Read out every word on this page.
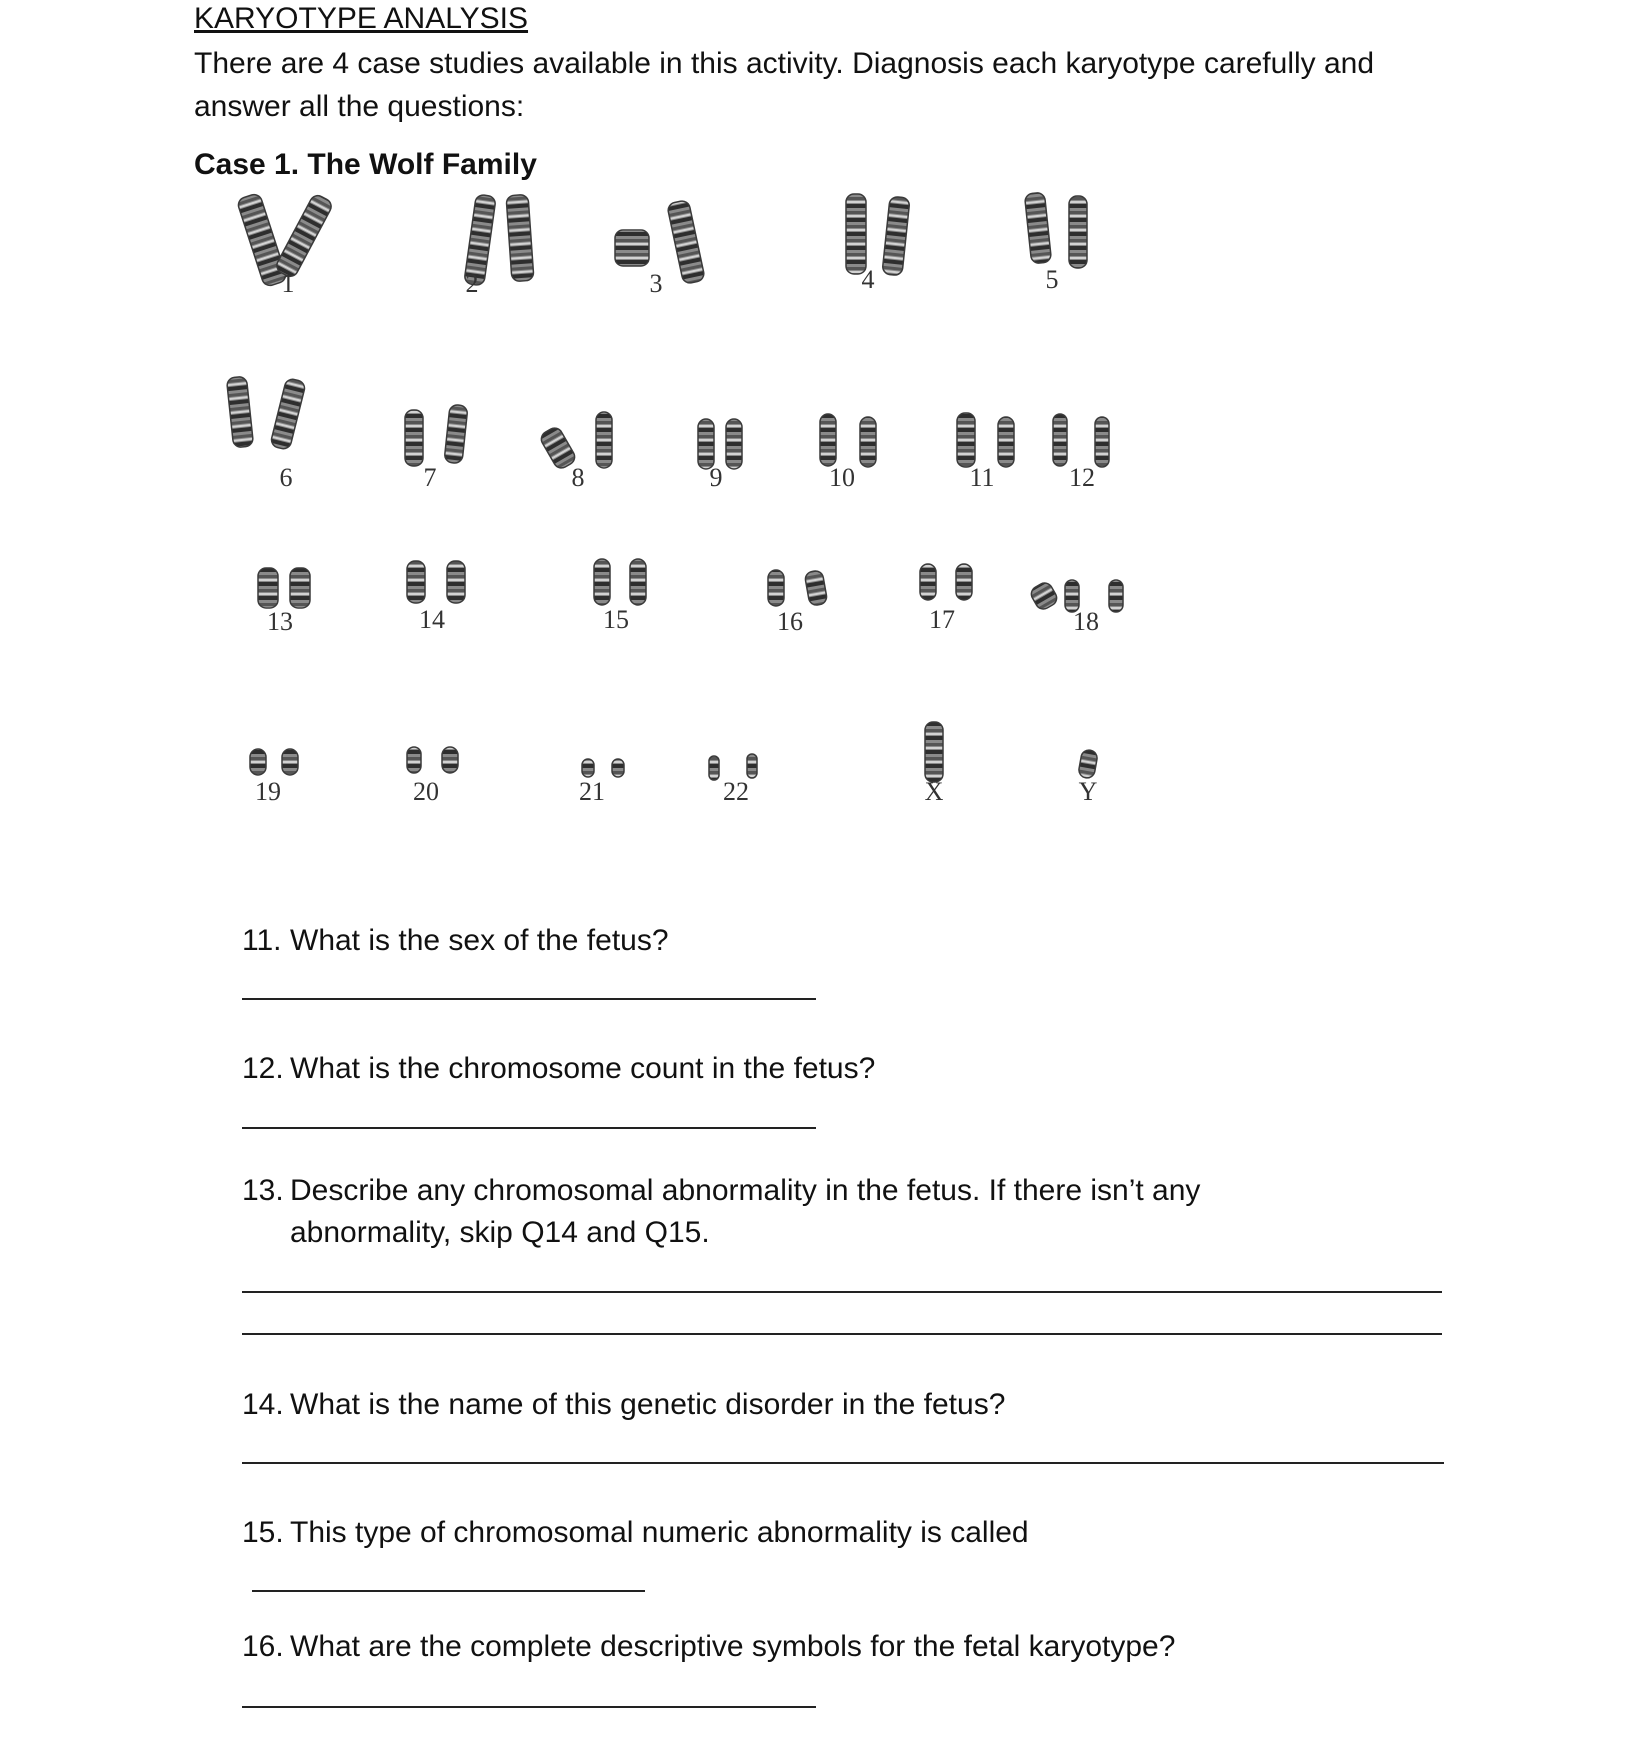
KARYOTYPE ANALYSIS
There are 4 case studies available in this activity. Diagnosis each karyotype carefully and answer all the questions:
Case 1. The Wolf Family
1	2	3	4	5
6	7	8	9	10	11	12
13	14	15	16	17	18
19	20	21	22	X	Y
11. What is the sex of the fetus?
12. What is the chromosome count in the fetus?
13. Describe any chromosomal abnormality in the fetus. If there isn’t any abnormality, skip Q14 and Q15.
14. What is the name of this genetic disorder in the fetus?
15. This type of chromosomal numeric abnormality is called
16. What are the complete descriptive symbols for the fetal karyotype?
